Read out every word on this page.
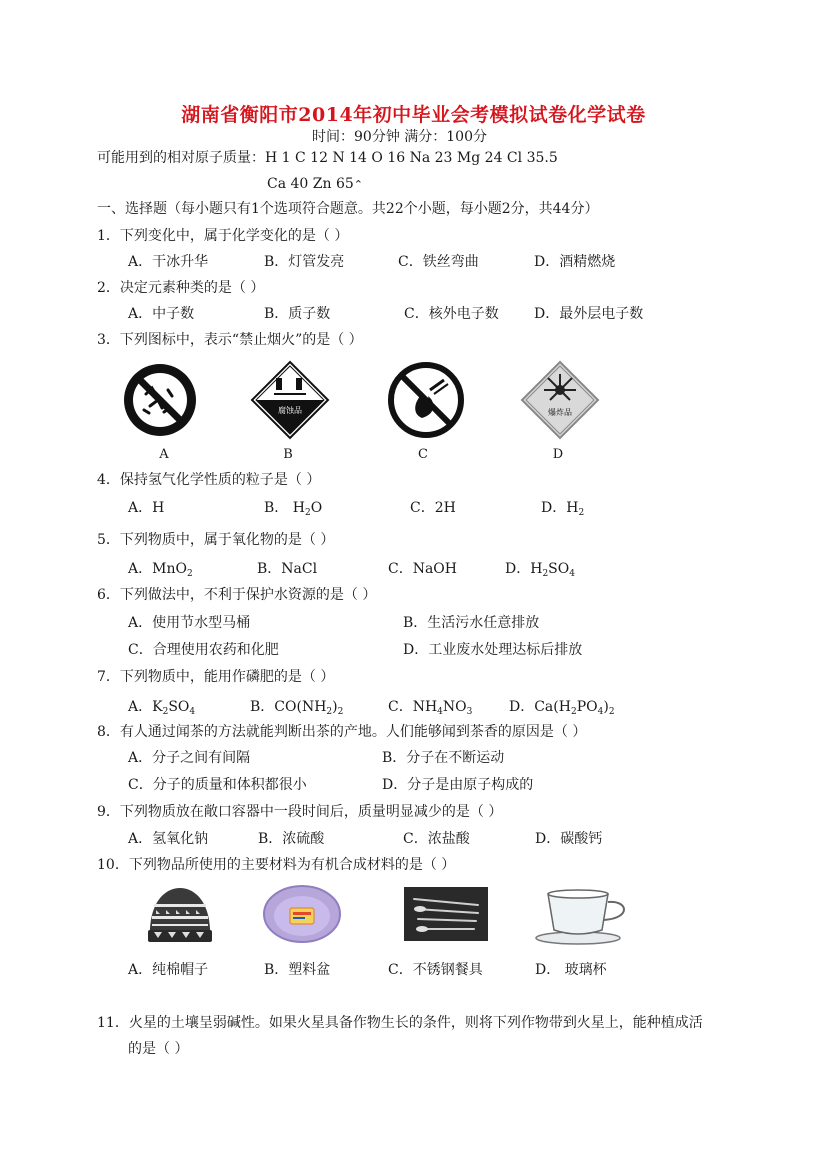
湖南省衡阳市2014年初中毕业会考模拟试卷化学试卷
时间：90分钟 满分：100分
可能用到的相对原子质量：H 1 C 12 N 14 O 16 Na 23 Mg 24 Cl 35.5
Ca 40 Zn 65⌃
一、选择题（每小题只有1个选项符合题意。共22个小题，每小题2分，共44分）
1．下列变化中，属于化学变化的是（ ）
A．干冰升华	B．灯管发亮	C．铁丝弯曲	D．酒精燃烧
2．决定元素种类的是（ ）
A．中子数	B．质子数	C．核外电子数	D．最外层电子数
3．下列图标中，表示“禁止烟火”的是（ ）
A
腐蚀品
B	C
爆炸品
D
4．保持氢气化学性质的粒子是（ ）
A．H	B． $H_2O$	C．2H	D．$H_2$
5．下列物质中，属于氧化物的是（ ）
A．MnO$_2$	B．NaCl	C．NaOH	D．$H_2SO_4$
6．下列做法中，不利于保护水资源的是（ ）
A．使用节水型马桶	B．生活污水任意排放
C．合理使用农药和化肥	D．工业废水处理达标后排放
7．下列物质中，能用作磷肥的是（ ）
A．$K_2SO_4$	B．$CO(NH_2)_2$	C．$NH_4NO_3$	D．$Ca(H_2PO_4)_2$
8．有人通过闻茶的方法就能判断出茶的产地。人们能够闻到茶香的原因是（ ）
A．分子之间有间隔	B．分子在不断运动
C．分子的质量和体积都很小	D．分子是由原子构成的
9．下列物质放在敞口容器中一段时间后，质量明显减少的是（ ）
A．氢氧化钠	B．浓硫酸	C．浓盐酸	D．碳酸钙
10．下列物品所使用的主要材料为有机合成材料的是（ ）
A．纯棉帽子	B．塑料盆	C．不锈钢餐具	D． 玻璃杯
11．火星的土壤呈弱碱性。如果火星具备作物生长的条件，则将下列作物带到火星上，能种植成活
的是（ ）
